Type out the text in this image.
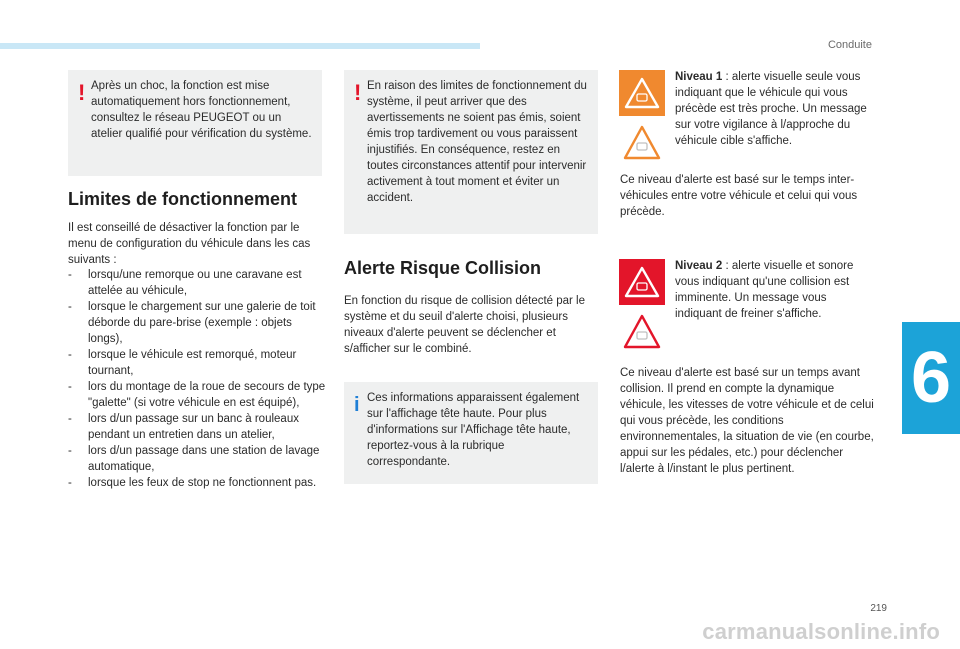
Conduite
6
! Après un choc, la fonction est mise automatiquement hors fonctionnement, consultez le réseau PEUGEOT ou un atelier qualifié pour vérification du système.

Limites de fonctionnement

Il est conseillé de désactiver la fonction par le menu de configuration du véhicule dans les cas suivants :

- lorsqu/une remorque ou une caravane est attelée au véhicule,
- lorsque le chargement sur une galerie de toit déborde du pare-brise (exemple : objets longs),
- lorsque le véhicule est remorqué, moteur tournant,
- lors du montage de la roue de secours de type "galette" (si votre véhicule en est équipé),
- lors d/un passage sur un banc à rouleaux pendant un entretien dans un atelier,
- lors d/un passage dans une station de lavage automatique,
- lorsque les feux de stop ne fonctionnent pas.
! En raison des limites de fonctionnement du système, il peut arriver que des avertissements ne soient pas émis, soient émis trop tardivement ou vous paraissent injustifiés. En conséquence, restez en toutes circonstances attentif pour intervenir activement à tout moment et éviter un accident.

Alerte Risque Collision

En fonction du risque de collision détecté par le système et du seuil d'alerte choisi, plusieurs niveaux d'alerte peuvent se déclencher et s/afficher sur le combiné.

i Ces informations apparaissent également sur l'affichage tête haute. Pour plus d'informations sur l'Affichage tête haute, reportez-vous à la rubrique correspondante.

Niveau 1 : alerte visuelle seule vous indiquant que le véhicule qui vous précède est très proche. Un message sur votre vigilance à l/approche du véhicule cible s'affiche.

Ce niveau d'alerte est basé sur le temps inter-véhicules entre votre véhicule et celui qui vous précède.

Niveau 2 : alerte visuelle et sonore vous indiquant qu'une collision est imminente. Un message vous indiquant de freiner s'affiche.

Ce niveau d'alerte est basé sur un temps avant collision. Il prend en compte la dynamique véhicule, les vitesses de votre véhicule et de celui qui vous précède, les conditions environnementales, la situation de vie (en courbe, appui sur les pédales, etc.) pour déclencher l/alerte à l/instant le plus pertinent.

219
carmanualsonline.info
